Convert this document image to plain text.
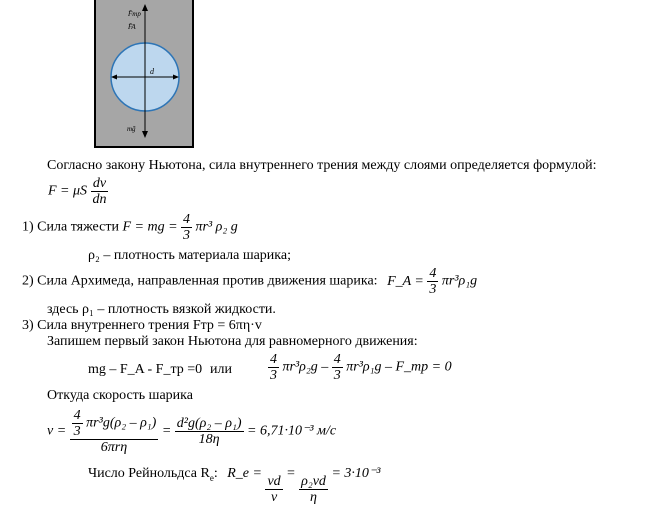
F̄тр
F̄A
d
mḡ
Согласно закону Ньютона, сила внутреннего трения между слоями определяется формулой:
F = μS $\frac{dv}{dn}$
1) Сила тяжести F = mg = $\frac{4}{3} \pi r^3$ ρ₂ g
ρ₂ – плотность материала шарика;
2) Сила Архимеда, направленная против движения шарика: F_A = $\frac{4}{3} \pi r^3\rho_1g$
здесь ρ₁ – плотность вязкой жидкости.
3) Сила внутреннего трения Fтр = 6πη·v
Запишем первый закон Ньютона для равномерного движения:
mg – F_A - F_тр =0 или	$\frac{4}{3} \pi r^3\rho_2g - \frac{4}{3} \pi r^3\rho_1g$ – F_тр = 0
Откуда скорость шарика
$v = \frac{\frac{4}{3} \pi r^3g(\rho_2 - \rho_1)}{\text{6πrη}} = \frac{\text{d²g(ρ₂ – ρ₁)}}{18\eta} = 6,71\cdot 10^{-3}$ м/с
Число Рейнольдса $R_e$: R_e =
$\frac{vd}{\nu}$
=
$\frac{\text{ρ₂vd}}{\eta}$
= 3·10⁻³
